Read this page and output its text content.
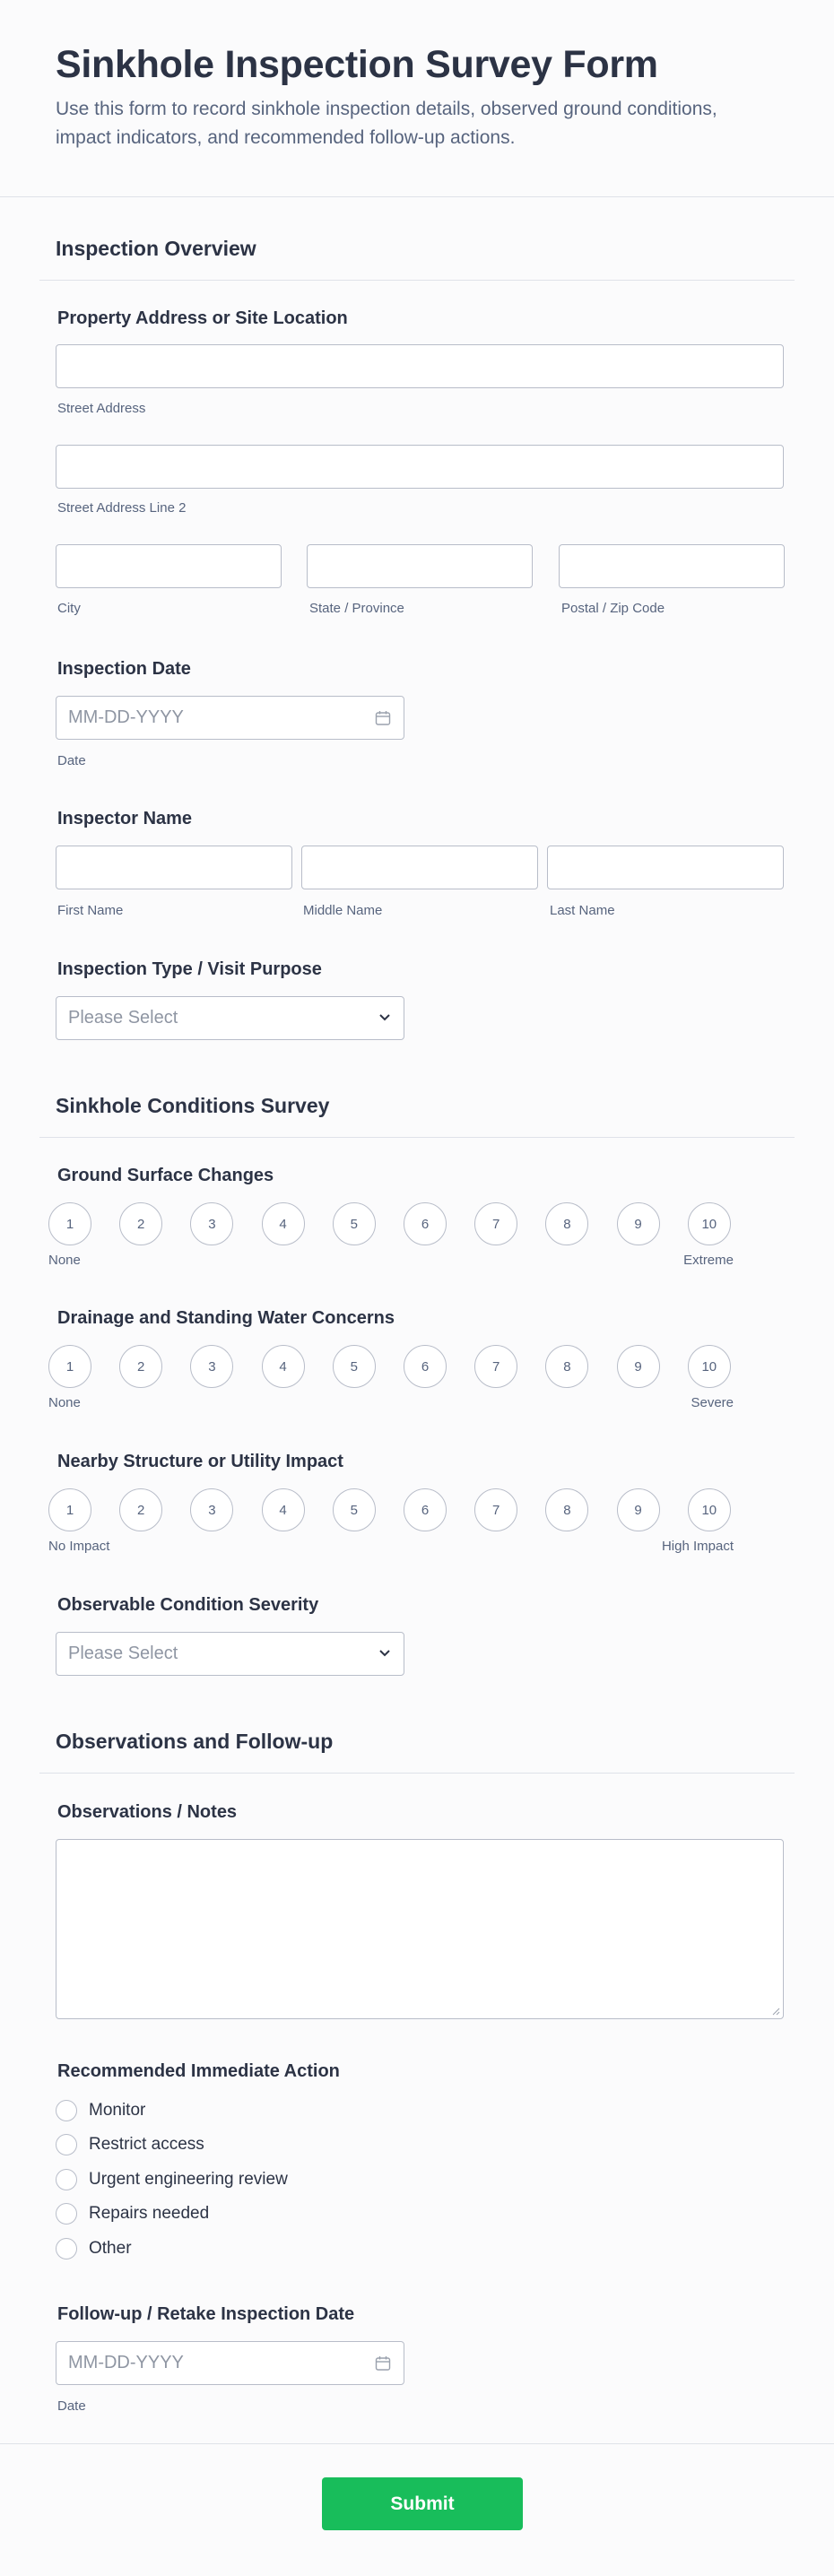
Sinkhole Inspection Survey Form
Use this form to record sinkhole inspection details, observed ground conditions, impact indicators, and recommended follow-up actions.
Inspection Overview
Property Address or Site Location
Street Address
Street Address Line 2
City	State / Province	Postal / Zip Code
Inspection Date
MM-DD-YYYY
Date
Inspector Name
First Name	Middle Name	Last Name
Inspection Type / Visit Purpose
Please Select
Sinkhole Conditions Survey
Ground Surface Changes
1	2	3	4	5	6	7	8	9	10
None	Extreme
Drainage and Standing Water Concerns
1	2	3	4	5	6	7	8	9	10
None	Severe
Nearby Structure or Utility Impact
1	2	3	4	5	6	7	8	9	10
No Impact	High Impact
Observable Condition Severity
Please Select
Observations and Follow-up
Observations / Notes
Recommended Immediate Action
Monitor
Restrict access
Urgent engineering review
Repairs needed
Other
Follow-up / Retake Inspection Date
MM-DD-YYYY
Date
Submit
